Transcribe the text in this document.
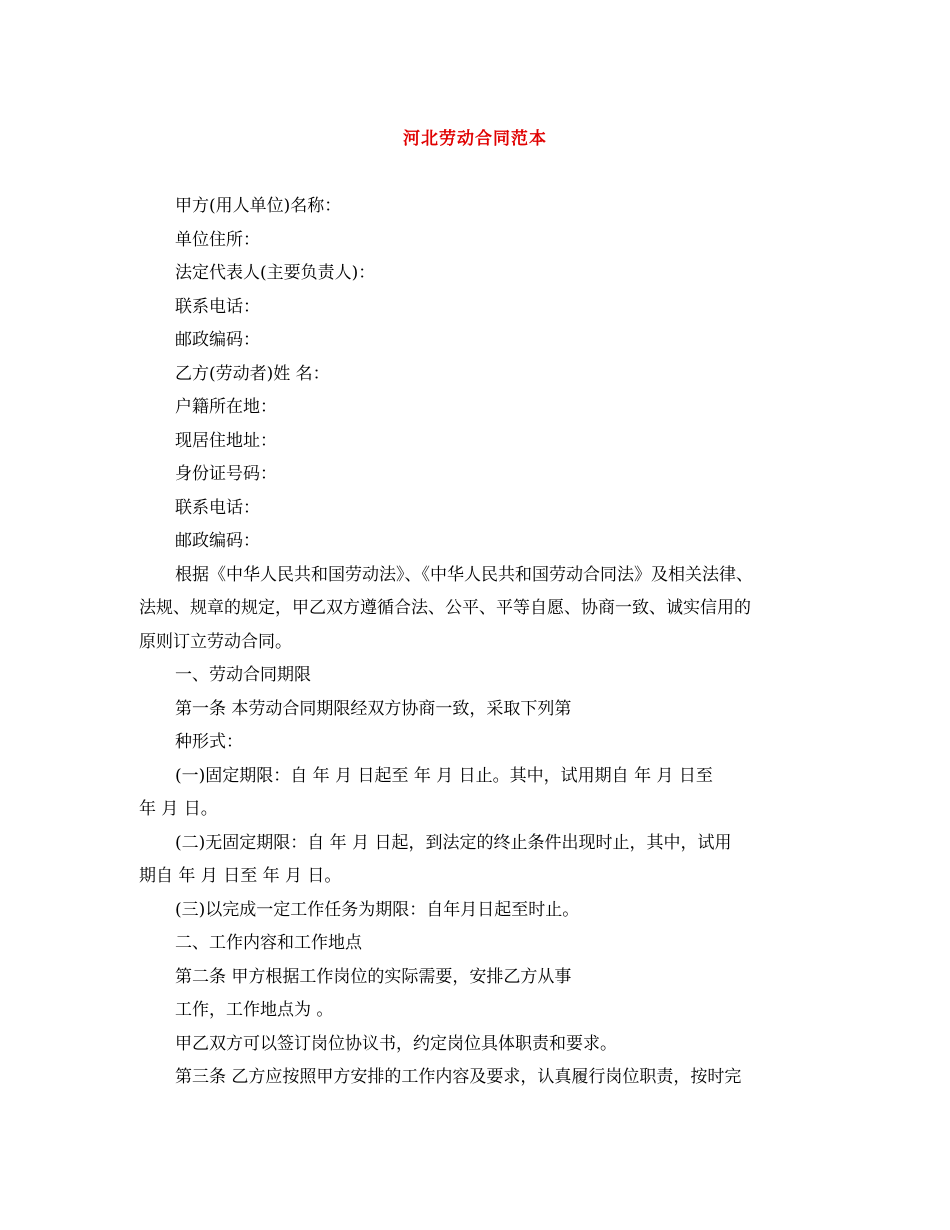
河北劳动合同范本
甲方(用人单位)名称：
单位住所：
法定代表人(主要负责人)：
联系电话：
邮政编码：
乙方(劳动者)姓 名：
户籍所在地：
现居住地址：
身份证号码：
联系电话：
邮政编码：
根据《中华人民共和国劳动法》、《中华人民共和国劳动合同法》及相关法律、
法规、规章的规定，甲乙双方遵循合法、公平、平等自愿、协商一致、诚实信用的
原则订立劳动合同。
一、劳动合同期限
第一条 本劳动合同期限经双方协商一致，采取下列第
种形式：
(一)固定期限：自 年 月 日起至 年 月 日止。其中，试用期自 年 月 日至
年 月 日。
(二)无固定期限：自 年 月 日起，到法定的终止条件出现时止，其中，试用
期自 年 月 日至 年 月 日。
(三)以完成一定工作任务为期限：自年月日起至时止。
二、工作内容和工作地点
第二条 甲方根据工作岗位的实际需要，安排乙方从事
工作，工作地点为 。
甲乙双方可以签订岗位协议书，约定岗位具体职责和要求。
第三条 乙方应按照甲方安排的工作内容及要求，认真履行岗位职责，按时完
